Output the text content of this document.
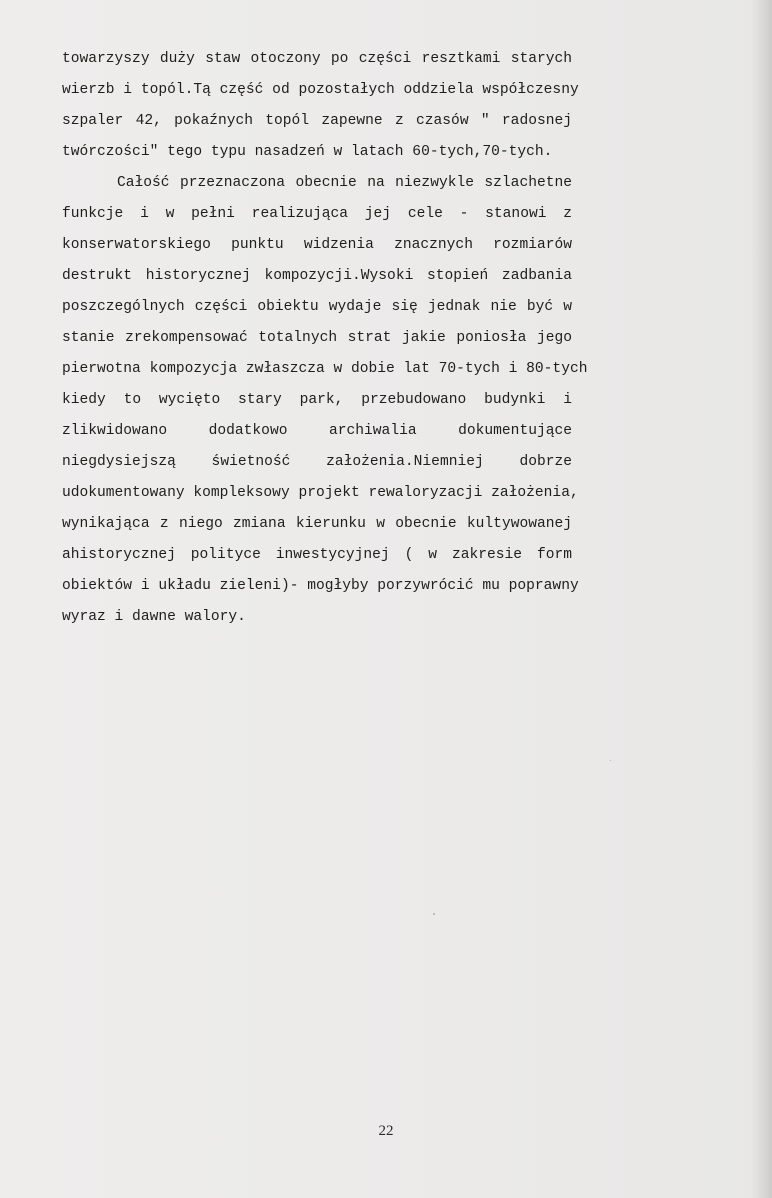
towarzyszy duży staw otoczony po części resztkami starych
wierzb i topól.Tą część od pozostałych oddziela współczesny
szpaler 42, pokaźnych topól zapewne z czasów " radosnej
twórczości" tego typu nasadzeń w latach 60-tych,70-tych.
Całość przeznaczona obecnie na niezwykle szlachetne
funkcje i w pełni realizująca jej cele - stanowi z
konserwatorskiego punktu widzenia znacznych rozmiarów
destrukt historycznej kompozycji.Wysoki stopień zadbania
poszczególnych części obiektu wydaje się jednak nie być w
stanie zrekompensować totalnych strat jakie poniosła jego
pierwotna kompozycja zwłaszcza w dobie lat 70-tych i 80-tych
kiedy to wycięto stary park, przebudowano budynki i
zlikwidowano dodatkowo archiwalia dokumentujące
niegdysiejszą świetność założenia.Niemniej dobrze
udokumentowany kompleksowy projekt rewaloryzacji założenia,
wynikająca z niego zmiana kierunku w obecnie kultywowanej
ahistorycznej polityce inwestycyjnej ( w zakresie form
obiektów i układu zieleni)- mogłyby porzywrócić mu poprawny
wyraz i dawne walory.
22
